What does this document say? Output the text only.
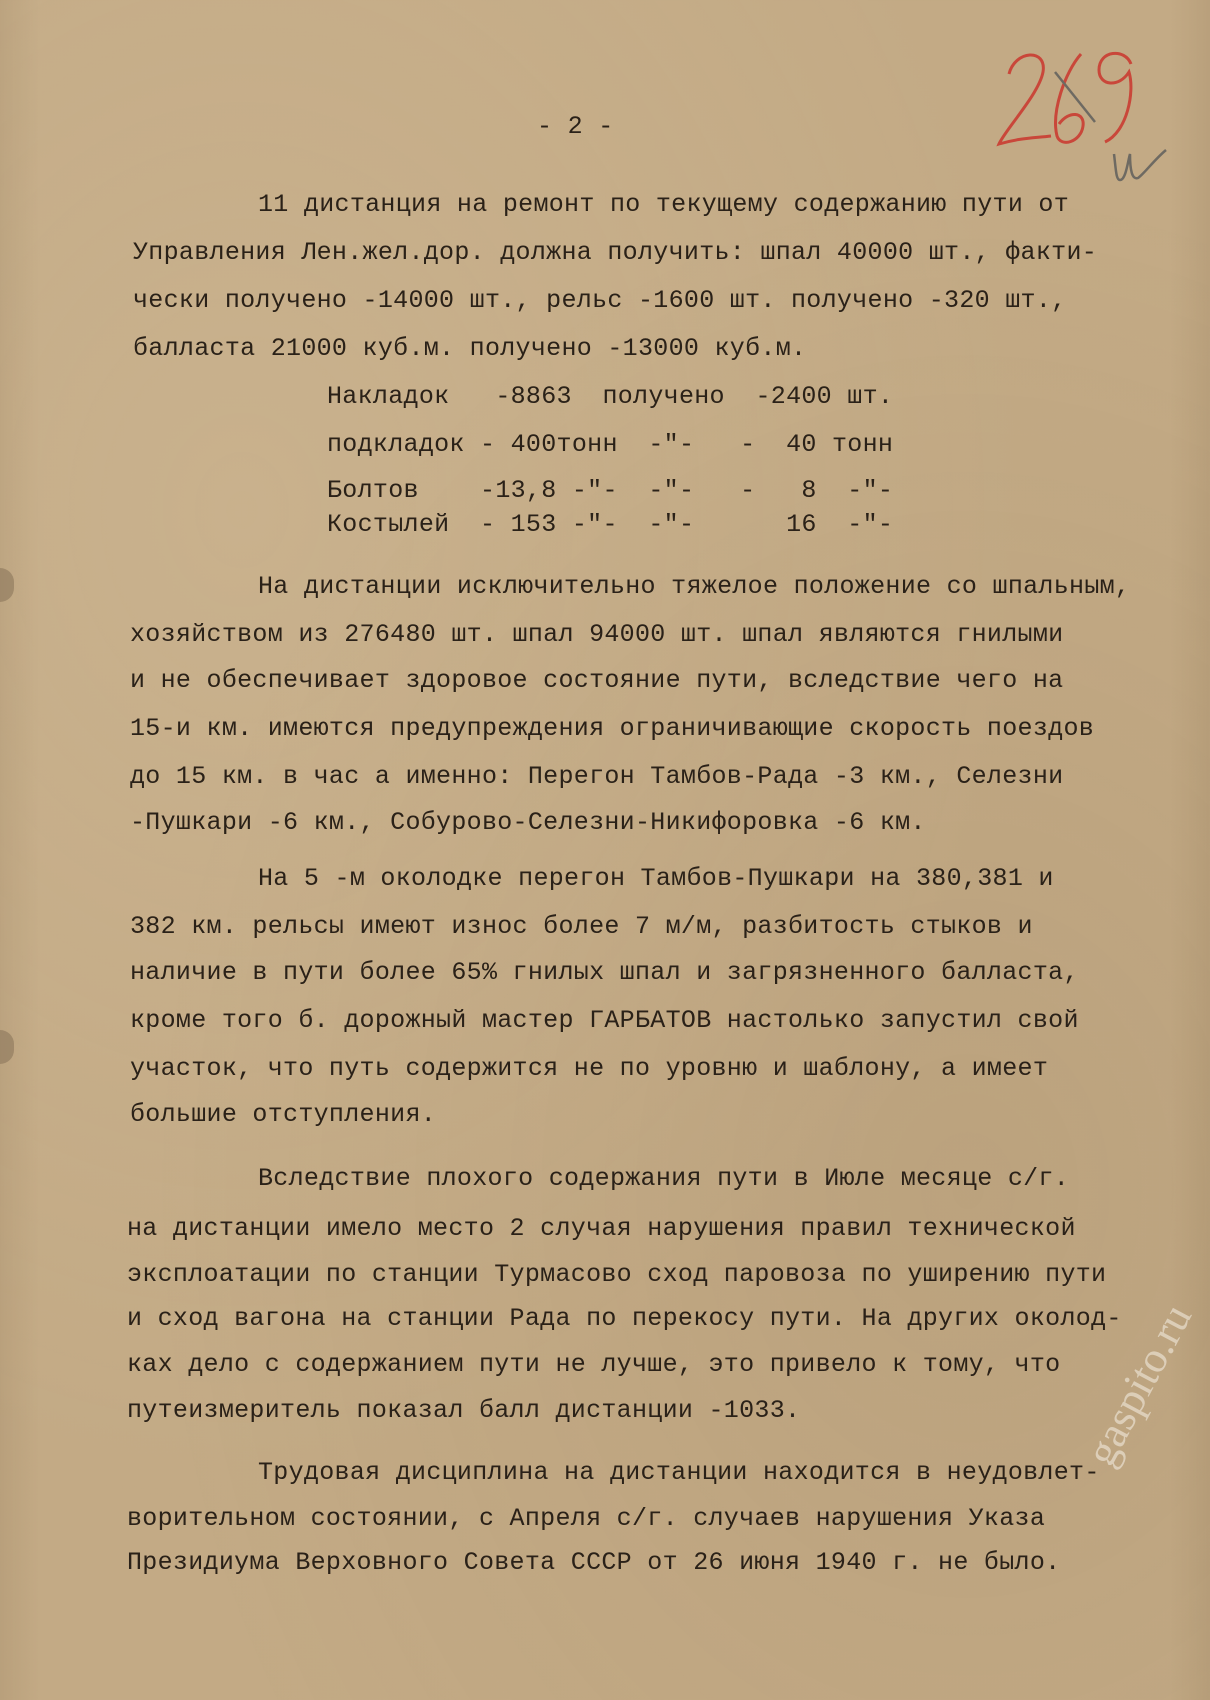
- 2 -
11 дистанция на ремонт по текущему содержанию пути от
Управления Лен.жел.дор. должна получить: шпал 40000 шт., факти-
чески получено -14000 шт., рельс -1600 шт. получено -320 шт.,
балласта 21000 куб.м. получено -13000 куб.м.
Накладок   -8863  получено  -2400 шт.
подкладок - 400тонн  -"-   -  40 тонн
Болтов    -13,8 -"-  -"-   -   8  -"-
Костылей  - 153 -"-  -"-      16  -"-
На дистанции исключительно тяжелое положение со шпальным,
хозяйством из 276480 шт. шпал 94000 шт. шпал являются гнилыми
и не обеспечивает здоровое состояние пути, вследствие чего на
15-и км. имеются предупреждения ограничивающие скорость поездов
до 15 км. в час а именно: Перегон Тамбов-Рада -3 км., Селезни
-Пушкари -6 км., Собурово-Селезни-Никифоровка -6 км.
На 5 -м околодке перегон Тамбов-Пушкари на 380,381 и
382 км. рельсы имеют износ более 7 м/м, разбитость стыков и
наличие в пути более 65% гнилых шпал и загрязненного балласта,
кроме того б. дорожный мастер ГАРБАТОВ настолько запустил свой
участок, что путь содержится не по уровню и шаблону, а имеет
большие отступления.
Вследствие плохого содержания пути в Июле месяце с/г.
на дистанции имело место 2 случая нарушения правил технической
эксплоатации по станции Турмасово сход паровоза по уширению пути
и сход вагона на станции Рада по перекосу пути. На других околод-
ках дело с содержанием пути не лучше, это привело к тому, что
путеизмеритель показал балл дистанции -1033.
Трудовая дисциплина на дистанции находится в неудовлет-
ворительном состоянии, с Апреля с/г. случаев нарушения Указа
Президиума Верховного Совета СССР от 26 июня 1940 г. не было.
gaspito.ru
